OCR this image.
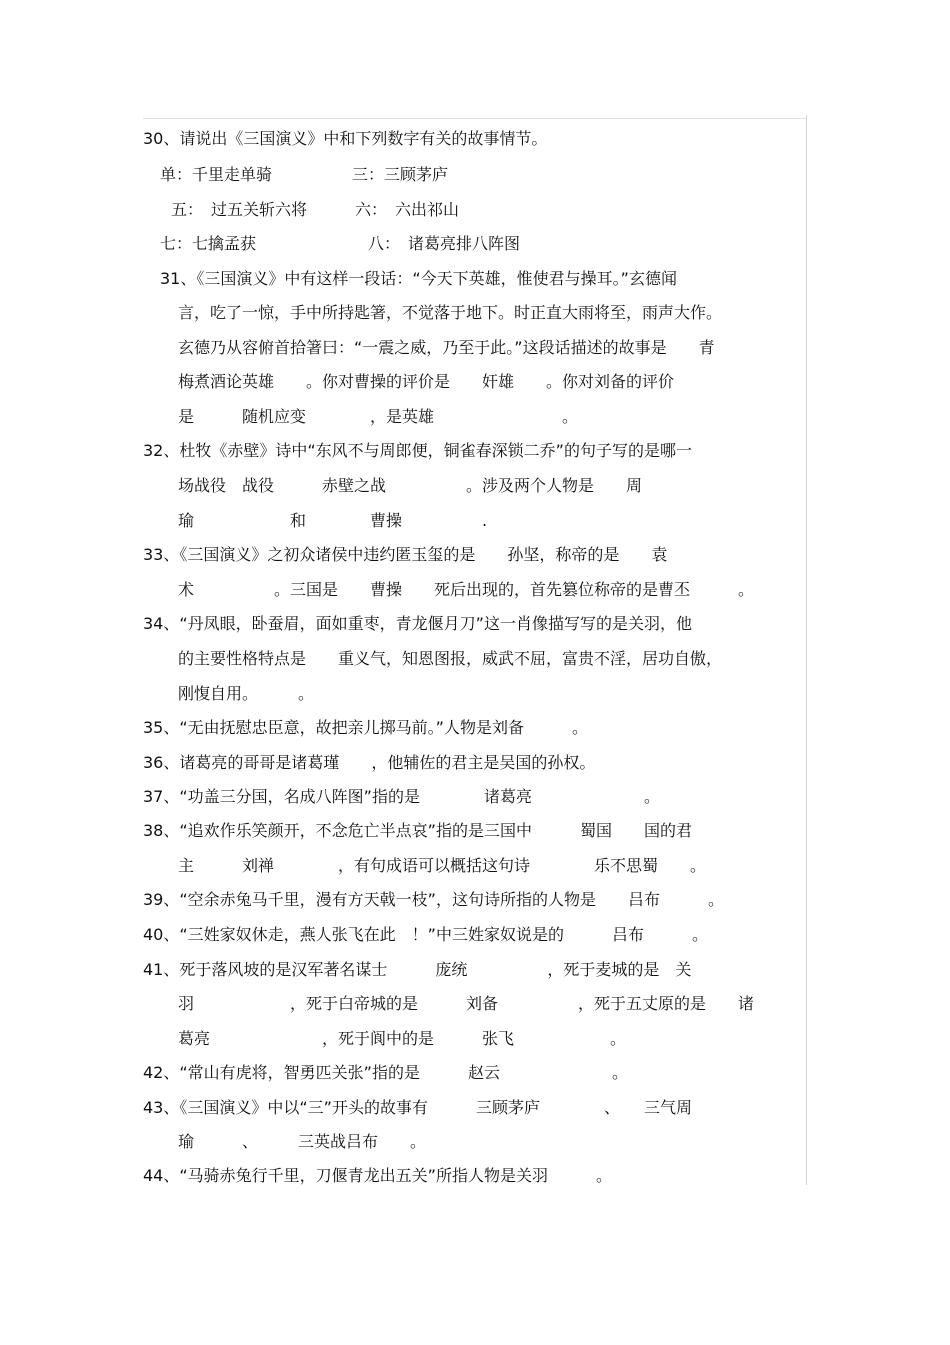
30、请说出《三国演义》中和下列数字有关的故事情节。
单：千里走单骑　　　　　三：三顾茅庐
五：　过五关斩六将　　　六：　六出祁山
七：七擒孟获　　　　　　　八：　诸葛亮排八阵图
31、《三国演义》中有这样一段话：“今天下英雄，惟使君与操耳。”玄德闻
言，吃了一惊，手中所持匙箸，不觉落于地下。时正直大雨将至，雨声大作。
玄德乃从容俯首拾箸曰：“一震之威，乃至于此。”这段话描述的故事是　　青
梅煮酒论英雄　　。你对曹操的评价是　　奸雄　　。你对刘备的评价
是　　　随机应变　　　　，是英雄　　　　　　　　。
32、杜牧《赤壁》诗中“东风不与周郎便，铜雀春深锁二乔”的句子写的是哪一
场战役　战役　　　赤壁之战　　　　　。涉及两个人物是　　周
瑜　　　　　　和　　　　曹操　　　　　.
33、《三国演义》之初众诸侯中违约匿玉玺的是　　孙坚，称帝的是　　袁
术　　　　　。三国是　　曹操　　死后出现的，首先篡位称帝的是曹丕　　　。
34、“丹凤眼，卧蚕眉，面如重枣，青龙偃月刀”这一肖像描写写的是关羽，他
的主要性格特点是　　重义气，知恩图报，威武不屈，富贵不淫，居功自傲，
刚愎自用。　　　。
35、“无由抚慰忠臣意，故把亲儿掷马前。”人物是刘备　　　。
36、诸葛亮的哥哥是诸葛瑾　　，他辅佐的君主是吴国的孙权。
37、“功盖三分国，名成八阵图”指的是　　　　诸葛亮　　　　　　　。
38、“追欢作乐笑颜开，不念危亡半点哀”指的是三国中　　　蜀国　　国的君
主　　　刘禅　　　　，有句成语可以概括这句诗　　　　乐不思蜀　　。
39、“空余赤兔马千里，漫有方天戟一枝”，这句诗所指的人物是　　吕布　　　。
40、“三姓家奴休走，燕人张飞在此　！”中三姓家奴说是的　　　吕布　　　。
41、死于落风坡的是汉军著名谋士　　　庞统　　　　　，死于麦城的是　关
羽　　　　　　，死于白帝城的是　　　刘备　　　　　，死于五丈原的是　　诸
葛亮　　　　　　　，死于阆中的是　　　张飞　　　　　　。
42、“常山有虎将，智勇匹关张”指的是　　　赵云　　　　　　　。
43、《三国演义》中以“三”开头的故事有　　　三顾茅庐　　　　、　　三气周
瑜　　　、　　　三英战吕布　　。
44、“马骑赤兔行千里，刀偃青龙出五关”所指人物是关羽　　　。
